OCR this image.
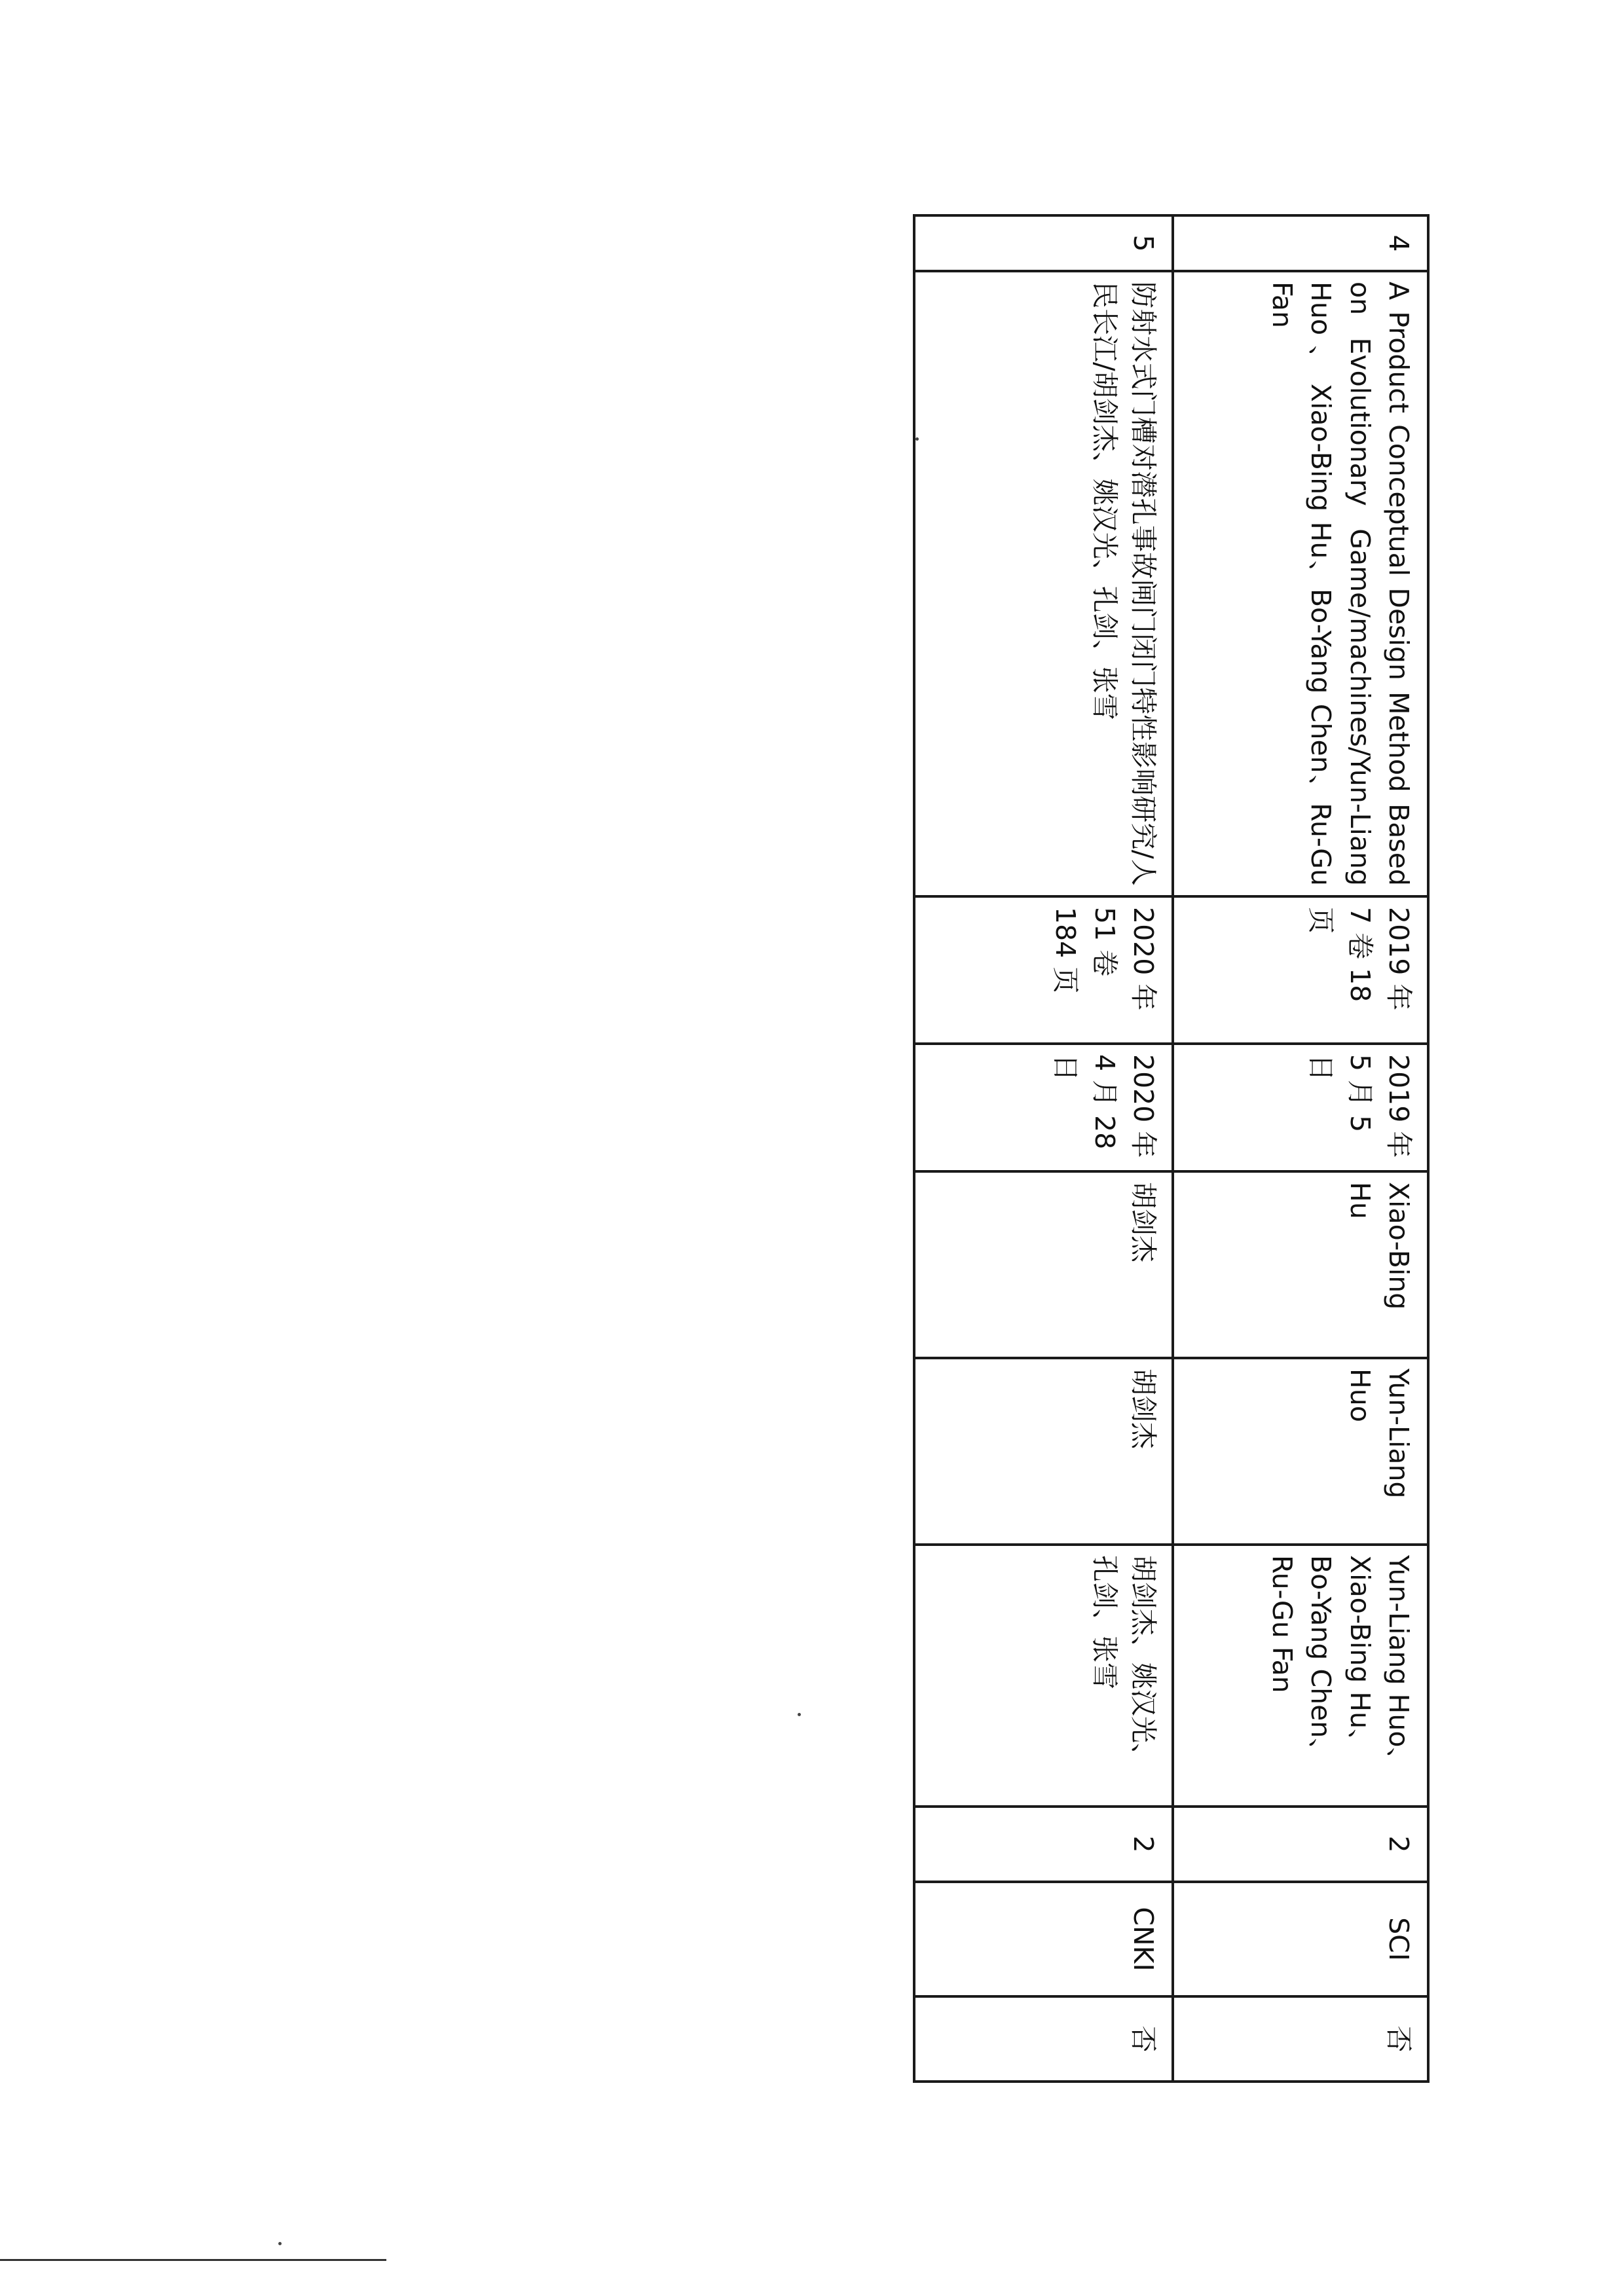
4	A Product Conceptual Design Method Based on Evolutionary Game/machines/Yun-Liang Huo 、 Xiao-Bing Hu、Bo-Yang Chen、Ru-Gu Fan	2019 年 7 卷 18 页	2019 年 5 月 5 日	Xiao-Bing Hu	Yun-Liang Huo	Yun-Liang Huo、Xiao-Bing Hu、Bo-Yang Chen、Ru-Gu Fan	2	SCI	否
5	防射水式门槽对潜孔事故闸门闭门特性影响研究/人民长江/胡剑杰、姚汉光、孔剑、张雪	2020 年 51 卷 184 页	2020 年 4 月 28 日	胡剑杰	胡剑杰	胡剑杰、姚汉光、孔剑、张雪	2	CNKI	否
